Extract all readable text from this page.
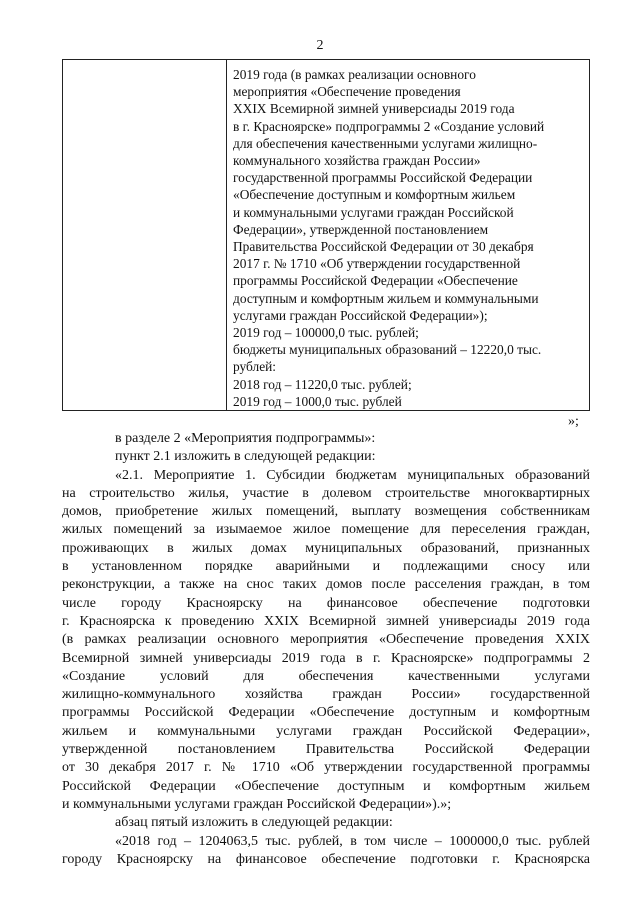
2
2019 года (в рамках реализации основного
мероприятия «Обеспечение проведения
XXIX Всемирной зимней универсиады 2019 года
в г. Красноярске» подпрограммы 2 «Создание условий
для обеспечения качественными услугами жилищно-
коммунального хозяйства граждан России»
государственной программы Российской Федерации
«Обеспечение доступным и комфортным жильем
и коммунальными услугами граждан Российской
Федерации», утвержденной постановлением
Правительства Российской Федерации от 30 декабря
2017 г. № 1710 «Об утверждении государственной
программы Российской Федерации «Обеспечение
доступным и комфортным жильем и коммунальными
услугами граждан Российской Федерации»);
2019 год – 100000,0 тыс. рублей;
бюджеты муниципальных образований – 12220,0 тыс.
рублей:
2018 год – 11220,0 тыс. рублей;
2019 год – 1000,0 тыс. рублей
»;
в разделе 2 «Мероприятия подпрограммы»:
пункт 2.1 изложить в следующей редакции:
«2.1. Мероприятие 1. Субсидии бюджетам муниципальных образований
на строительство жилья, участие в долевом строительстве многоквартирных
домов, приобретение жилых помещений, выплату возмещения собственникам
жилых помещений за изымаемое жилое помещение для переселения граждан,
проживающих в жилых домах муниципальных образований, признанных
в установленном порядке аварийными и подлежащими сносу или
реконструкции, а также на снос таких домов после расселения граждан, в том
числе городу Красноярску на финансовое обеспечение подготовки
г. Красноярска к проведению XXIX Всемирной зимней универсиады 2019 года
(в рамках реализации основного мероприятия «Обеспечение проведения XXIX
Всемирной зимней универсиады 2019 года в г. Красноярске» подпрограммы 2
«Создание условий для обеспечения качественными услугами
жилищно-коммунального хозяйства граждан России» государственной
программы Российской Федерации «Обеспечение доступным и комфортным
жильем и коммунальными услугами граждан Российской Федерации»,
утвержденной постановлением Правительства Российской Федерации
от 30 декабря 2017 г. № 1710 «Об утверждении государственной программы
Российской Федерации «Обеспечение доступным и комфортным жильем
и коммунальными услугами граждан Российской Федерации»).»;
абзац пятый изложить в следующей редакции:
«2018 год – 1204063,5 тыс. рублей, в том числе – 1000000,0 тыс. рублей
городу Красноярску на финансовое обеспечение подготовки г. Красноярска
